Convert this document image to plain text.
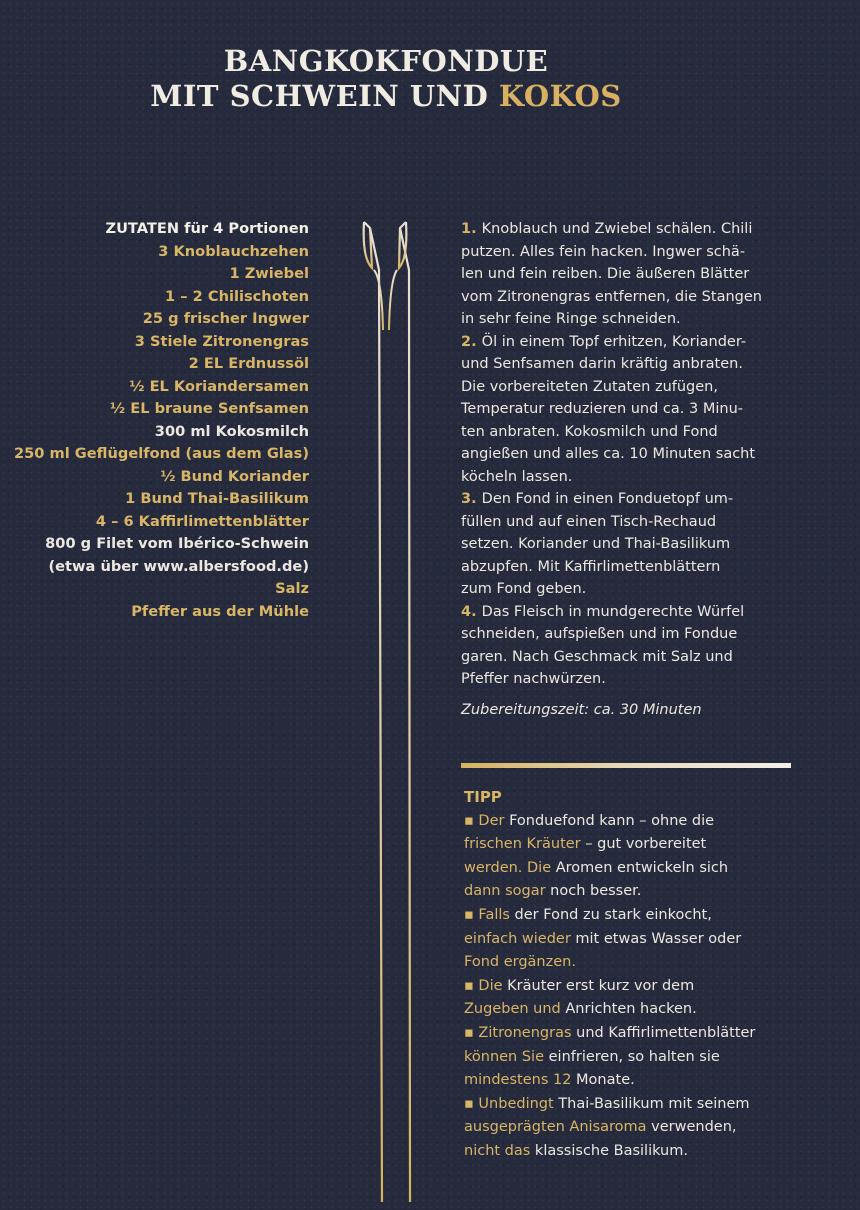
BANGKOKFONDUE
MIT SCHWEIN UND KOKOS
ZUTATEN für 4 Portionen
3 Knoblauchzehen
1 Zwiebel
1 – 2 Chilischoten
25 g frischer Ingwer
3 Stiele Zitronengras
2 EL Erdnussöl
½ EL Koriandersamen
½ EL braune Senfsamen
300 ml Kokosmilch
250 ml Geflügelfond (aus dem Glas)
½ Bund Koriander
1 Bund Thai-Basilikum
4 – 6 Kaffirlimettenblätter
800 g Filet vom Ibérico-Schwein
(etwa über www.albersfood.de)
Salz
Pfeffer aus der Mühle
1. Knoblauch und Zwiebel schälen. Chili
putzen. Alles fein hacken. Ingwer schä-
len und fein reiben. Die äußeren Blätter
vom Zitronengras entfernen, die Stangen
in sehr feine Ringe schneiden.
2. Öl in einem Topf erhitzen, Koriander-
und Senfsamen darin kräftig anbraten.
Die vorbereiteten Zutaten zufügen,
Temperatur reduzieren und ca. 3 Minu-
ten anbraten. Kokosmilch und Fond
angießen und alles ca. 10 Minuten sacht
köcheln lassen.
3. Den Fond in einen Fonduetopf um-
füllen und auf einen Tisch-Rechaud
setzen. Koriander und Thai-Basilikum
abzupfen. Mit Kaffirlimettenblättern
zum Fond geben.
4. Das Fleisch in mundgerechte Würfel
schneiden, aufspießen und im Fondue
garen. Nach Geschmack mit Salz und
Pfeffer nachwürzen.
Zubereitungszeit: ca. 30 Minuten
TIPP
▪ Der Fonduefond kann – ohne die
frischen Kräuter – gut vorbereitet
werden. Die Aromen entwickeln sich
dann sogar noch besser.
▪ Falls der Fond zu stark einkocht,
einfach wieder mit etwas Wasser oder
Fond ergänzen.
▪ Die Kräuter erst kurz vor dem
Zugeben und Anrichten hacken.
▪ Zitronengras und Kaffirlimettenblätter
können Sie einfrieren, so halten sie
mindestens 12 Monate.
▪ Unbedingt Thai-Basilikum mit seinem
ausgeprägten Anisaroma verwenden,
nicht das klassische Basilikum.
